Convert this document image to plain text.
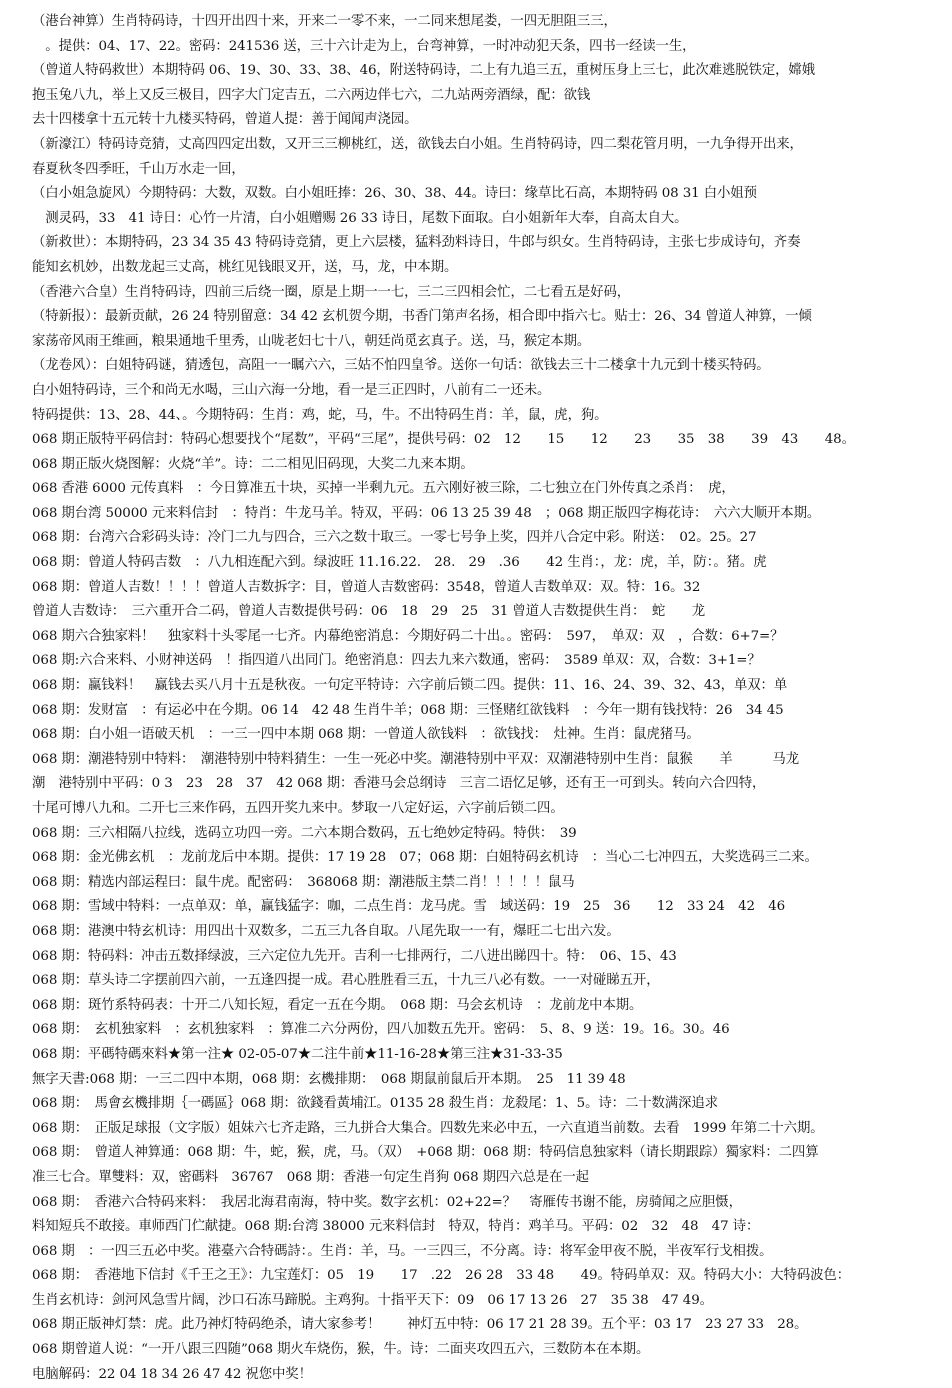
（港台神算）生肖特码诗，十四开出四十来，开来二一零不来，一二同来想尾娄，一四无胆阻三三，
　。提供：04、17、22。密码：241536 送，三十六计走为上，台弯神算，一时冲动犯天条，四书一经读一生，
（曾道人特码救世）本期特码 06、19、30、33、38、46，附送特码诗，二上有九追三五，重树压身上三七，此次难逃脱铁定，嫦娥
抱玉兔八九，举上又反三极目，四字大门定吉五，二六两边伴七六，二九站两旁酒绿，配：欲钱
去十四楼拿十五元转十九楼买特码，曾道人提：善于闻闻声浇园。
（新濠江）特码诗竞猜，丈高四四定出数，又开三三柳桃红，送，欲钱去白小姐。生肖特码诗，四二梨花管月明，一九争得开出来，
春夏秋冬四季旺，千山万水走一回，
（白小姐急旋风）今期特码：大数，双数。白小姐旺捧：26、30、38、44。诗曰：缘草比石高，本期特码 08 31 白小姐预
　测灵码，33　41 诗日：心竹一片清，白小姐赠赐 26 33 诗日，尾数下面取。白小姐新年大奉，自高太自大。
（新救世）：本期特码，23 34 35 43 特码诗竞猜，更上六层楼，猛料劲料诗日，牛郎与织女。生肖特码诗，主张七步成诗句，齐奏
能知玄机妙，出数龙起三丈高，桃红见钱眼叉开，送，马，龙，中本期。
（香港六合皇）生肖特码诗，四前三后绕一圈，原是上期一一七，三二三四相会忙，二七看五是好码，
（特新报）：最新贡献，26 24 特别留意：34 42 玄机贺今期，书香门第声名扬，相合即中指六七。贴士：26、34 曾道人神算，一倾
家荡帝风雨王维画，粮果通地千里秀，山咙老妇七十八，朝廷尚觅玄真子。送，马，猴定本期。
（龙卷风）：白姐特码谜，猜透包，高阻一一瞩六六，三姑不怕四皇爷。送你一句话：欲钱去三十二楼拿十九元到十楼买特码。
白小姐特码诗，三个和尚无水喝，三山六海一分地，看一是三正四时，八前有二一还未。
特码提供：13、28、44、。今期特码：生肖：鸡，蛇，马，牛。不出特码生肖：羊，鼠，虎，狗。
068 期正版特平码信封：特码心想要找个“尾数”，平码“三尾”，提供号码：02　12　　15　　12　　23　　35　38　　39　43　　48。
068 期正版火烧图解：火烧“羊”。诗：二二相见旧码现，大奖二九来本期。
068 香港 6000 元传真料　：今日算准五十块，买掉一半剩九元。五六刚好被三除，二七独立在门外传真之杀肖：　虎，
068 期台湾 50000 元来料信封　：特肖：牛龙马羊。特双，平码：06 13 25 39 48　；068 期正版四字梅花诗：　六六大顺开本期。
068 期：台湾六合彩码头诗：冷门二九与四合，三六之数十取三。一零七号争上奖，四并八合定中彩。附送：　02。25。27
068 期：曾道人特码吉数　：八九相连配六到。绿波旺 11.16.22.　28.　29　.36　　42 生肖：，龙：虎，羊，防：。猪。虎
068 期：曾道人吉数！！！！曾道人吉数拆字：目，曾道人吉数密码：3548，曾道人吉数单双：双。特：16。32
曾道人吉数诗：　三六重开合二码，曾道人吉数提供号码：06　18　29　25　31 曾道人吉数提供生肖：　蛇　　龙
068 期六合独家料！　独家料十头零尾一七齐。内幕绝密消息：今期好码二十出。。密码：　597，　单双：双　，合数：6+7=？
068 期:六合来料、小财神送码　！指四道八出同门。绝密消息：四去九来六数通，密码：　3589 单双：双，合数：3+1=？
068 期：赢钱料！　赢钱去买八月十五是秋夜。一句定平特诗：六字前后锁二四。提供：11、16、24、39、32、43，单双：单
068 期：发财富　：有运必中在今期。06 14　42 48 生肖牛羊；068 期：三怪赌红欲钱料　：今年一期有钱找特：26　34 45
068 期：白小姐一语破天机　：一三一四中本期 068 期：一曾道人欲钱料　：欲钱找：　灶神。生肖：鼠虎猪马。
068 期：潮港特别中特料：　潮港特别中特料猜生：一生一死必中奖。潮港特别中平双：双潮港特别中生肖：鼠猴　　羊　　　马龙
潮　港特别中平码：0 3　23　28　37　42 068 期：香港马会总纲诗　三言二语忆足够，还有王一可到头。转向六合四特，
十尾可博八九和。二开七三来作码，五四开奖九来中。梦取一八定好运，六字前后锁二四。
068 期：三六相隔八拉线，选码立功四一旁。二六本期合数码，五七绝妙定特码。特供：　39
068 期：金光佛玄机　：龙前龙后中本期。提供：17 19 28　07；068 期：白姐特码玄机诗　：当心二七冲四五，大奖选码三二来。
068 期：精选内部运程曰：鼠牛虎。配密码：　368068 期：潮港版主禁二肖！！！！！鼠马
068 期：雪域中特料：一点单双：单，赢钱猛字：咖，二点生肖：龙马虎。雪　域送码：19　25　36　　12　33 24　42　46
068 期：港澳中特玄机诗：用四出十双数多，二五三九各自取。八尾先取一一有，爆旺二七出六发。
068 期：特码料：冲击五数择绿波，三六定位九先开。吉利一七排两行，二八进出睇四十。特：　06、15、43
068 期：草头诗二字摆前四六前，一五逢四提一成。君心胜胜看三五，十九三八必有数。一一对碰睇五开，
068 期：斑竹系特码表：十开二八知长短，看定一五在今期。　068 期：马会玄机诗　：龙前龙中本期。
068 期：　玄机独家料　：玄机独家料　：算准二六分两份，四八加数五先开。密码：　5、8、9 送：19。16。30。46
068 期：平碼特碼來料★第一注★ 02-05-07★二注牛前★11-16-28★第三注★31-33-35
無字天書:068 期：一三二四中本期，068 期：玄機排期：　068 期鼠前鼠后开本期。　25　11 39 48
068 期：　馬會玄機排期｛一碼區｝068 期：欲錢看黃埔江。0135 28 殺生肖：龙殺尾：1、5。诗：二十数满深追求
068 期：　正版足球报（文字版）姐妹六七齐走路，三九拼合大集合。四数先来必中五，一六直逍当前数。去看　1999 年第二十六期。
068 期：　曾道人神算通：068 期：牛，蛇，猴，虎，马。（双）　+068 期：068 期：特码信息独家料（请长期跟踪）獨家料：二四算
准三七合。單雙料：双，密碼料　36767　068 期：香港一句定生肖狗 068 期四六总是在一起
068 期：　香港六合特码来料：　我居北海君南海，特中奖。数字玄机：02+22=？　寄雁传书谢不能，房骑闻之应胆慑，
料知短兵不敢接。車师西门伫献捷。068 期:台湾 38000 元来料信封　特双，特肖：鸡羊马。平码：02　32　48　47 诗：
068 期　：一四三五必中奖。港臺六合特碼詩：。生肖：羊，马。一三四三，不分离。诗：将军金甲夜不脱，半夜军行戈相拨。
068 期：　香港地下信封《千王之王》：九宝莲灯：05　19　　17　.22　26 28　33 48　　49。特码单双：双。特码大小：大特码波色：
生肖玄机诗：剑河风急雪片阔，沙口石冻马蹄脱。主鸡狗。十指平天下：09　06 17 13 26　27　35 38　47 49。
068 期正版神灯禁：虎。此乃神灯特码绝杀，请大家参考！　　神灯五中特：06 17 21 28 39。五个平：03 17　23 27 33　28。
068 期曾道人说：“一开八跟三四随”068 期火车烧伤，猴，牛。诗：二面夹攻四五六，三数防本在本期。
电脑解码：22 04 18 34 26 47 42 祝您中奖！
